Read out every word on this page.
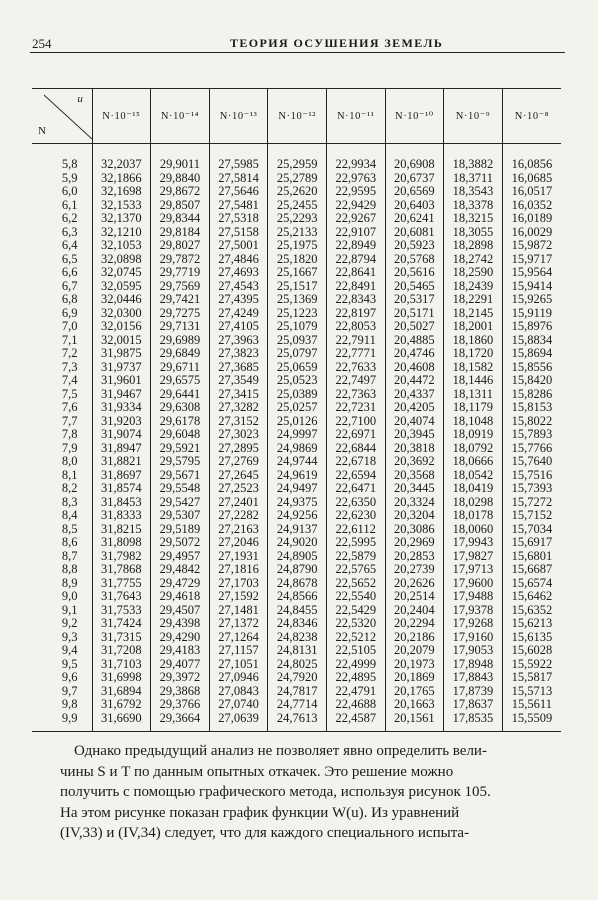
254	ТЕОРИЯ ОСУШЕНИЯ ЗЕМЕЛЬ
u
N	N·10⁻¹⁵	N·10⁻¹⁴	N·10⁻¹³	N·10⁻¹²	N·10⁻¹¹	N·10⁻¹⁰	N·10⁻⁹	N·10⁻⁸

5,8	32,2037	29,9011	27,5985	25,2959	22,9934	20,6908	18,3882	16,0856
5,9	32,1866	29,8840	27,5814	25,2789	22,9763	20,6737	18,3711	16,0685
6,0	32,1698	29,8672	27,5646	25,2620	22,9595	20,6569	18,3543	16,0517
6,1	32,1533	29,8507	27,5481	25,2455	22,9429	20,6403	18,3378	16,0352
6,2	32,1370	29,8344	27,5318	25,2293	22,9267	20,6241	18,3215	16,0189
6,3	32,1210	29,8184	27,5158	25,2133	22,9107	20,6081	18,3055	16,0029
6,4	32,1053	29,8027	27,5001	25,1975	22,8949	20,5923	18,2898	15,9872
6,5	32,0898	29,7872	27,4846	25,1820	22,8794	20,5768	18,2742	15,9717
6,6	32,0745	29,7719	27,4693	25,1667	22,8641	20,5616	18,2590	15,9564
6,7	32,0595	29,7569	27,4543	25,1517	22,8491	20,5465	18,2439	15,9414
6,8	32,0446	29,7421	27,4395	25,1369	22,8343	20,5317	18,2291	15,9265
6,9	32,0300	29,7275	27,4249	25,1223	22,8197	20,5171	18,2145	15,9119
7,0	32,0156	29,7131	27,4105	25,1079	22,8053	20,5027	18,2001	15,8976
7,1	32,0015	29,6989	27,3963	25,0937	22,7911	20,4885	18,1860	15,8834
7,2	31,9875	29,6849	27,3823	25,0797	22,7771	20,4746	18,1720	15,8694
7,3	31,9737	29,6711	27,3685	25,0659	22,7633	20,4608	18,1582	15,8556
7,4	31,9601	29,6575	27,3549	25,0523	22,7497	20,4472	18,1446	15,8420
7,5	31,9467	29,6441	27,3415	25,0389	22,7363	20,4337	18,1311	15,8286
7,6	31,9334	29,6308	27,3282	25,0257	22,7231	20,4205	18,1179	15,8153
7,7	31,9203	29,6178	27,3152	25,0126	22,7100	20,4074	18,1048	15,8022
7,8	31,9074	29,6048	27,3023	24,9997	22,6971	20,3945	18,0919	15,7893
7,9	31,8947	29,5921	27,2895	24,9869	22,6844	20,3818	18,0792	15,7766
8,0	31,8821	29,5795	27,2769	24,9744	22,6718	20,3692	18,0666	15,7640
8,1	31,8697	29,5671	27,2645	24,9619	22,6594	20,3568	18,0542	15,7516
8,2	31,8574	29,5548	27,2523	24,9497	22,6471	20,3445	18,0419	15,7393
8,3	31,8453	29,5427	27,2401	24,9375	22,6350	20,3324	18,0298	15,7272
8,4	31,8333	29,5307	27,2282	24,9256	22,6230	20,3204	18,0178	15,7152
8,5	31,8215	29,5189	27,2163	24,9137	22,6112	20,3086	18,0060	15,7034
8,6	31,8098	29,5072	27,2046	24,9020	22,5995	20,2969	17,9943	15,6917
8,7	31,7982	29,4957	27,1931	24,8905	22,5879	20,2853	17,9827	15,6801
8,8	31,7868	29,4842	27,1816	24,8790	22,5765	20,2739	17,9713	15,6687
8,9	31,7755	29,4729	27,1703	24,8678	22,5652	20,2626	17,9600	15,6574
9,0	31,7643	29,4618	27,1592	24,8566	22,5540	20,2514	17,9488	15,6462
9,1	31,7533	29,4507	27,1481	24,8455	22,5429	20,2404	17,9378	15,6352
9,2	31,7424	29,4398	27,1372	24,8346	22,5320	20,2294	17,9268	15,6213
9,3	31,7315	29,4290	27,1264	24,8238	22,5212	20,2186	17,9160	15,6135
9,4	31,7208	29,4183	27,1157	24,8131	22,5105	20,2079	17,9053	15,6028
9,5	31,7103	29,4077	27,1051	24,8025	22,4999	20,1973	17,8948	15,5922
9,6	31,6998	29,3972	27,0946	24,7920	22,4895	20,1869	17,8843	15,5817
9,7	31,6894	29,3868	27,0843	24,7817	22,4791	20,1765	17,8739	15,5713
9,8	31,6792	29,3766	27,0740	24,7714	22,4688	20,1663	17,8637	15,5611
9,9	31,6690	29,3664	27,0639	24,7613	22,4587	20,1561	17,8535	15,5509

Однако предыдущий анализ не позволяет явно определить вели-
чины S и T по данным опытных откачек. Это решение можно
получить с помощью графического метода, используя рисунок 105.
На этом рисунке показан график функции W(u). Из уравнений
(IV,33) и (IV,34) следует, что для каждого специального испыта-
